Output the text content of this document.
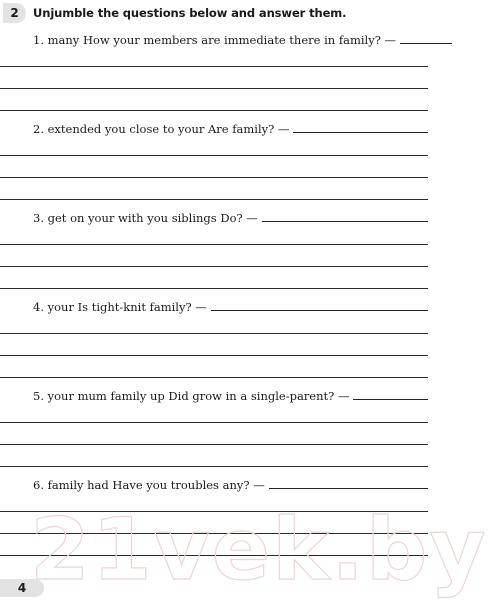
2	Unjumble the questions below and answer them.
1. many How your members are immediate there in family? —
2. extended you close to your Are family? —
3. get on your with you siblings Do? —
4. your Is tight-knit family? —
5. your mum family up Did grow in a single-parent? —
6. family had Have you troubles any? —
21vek.by
4
